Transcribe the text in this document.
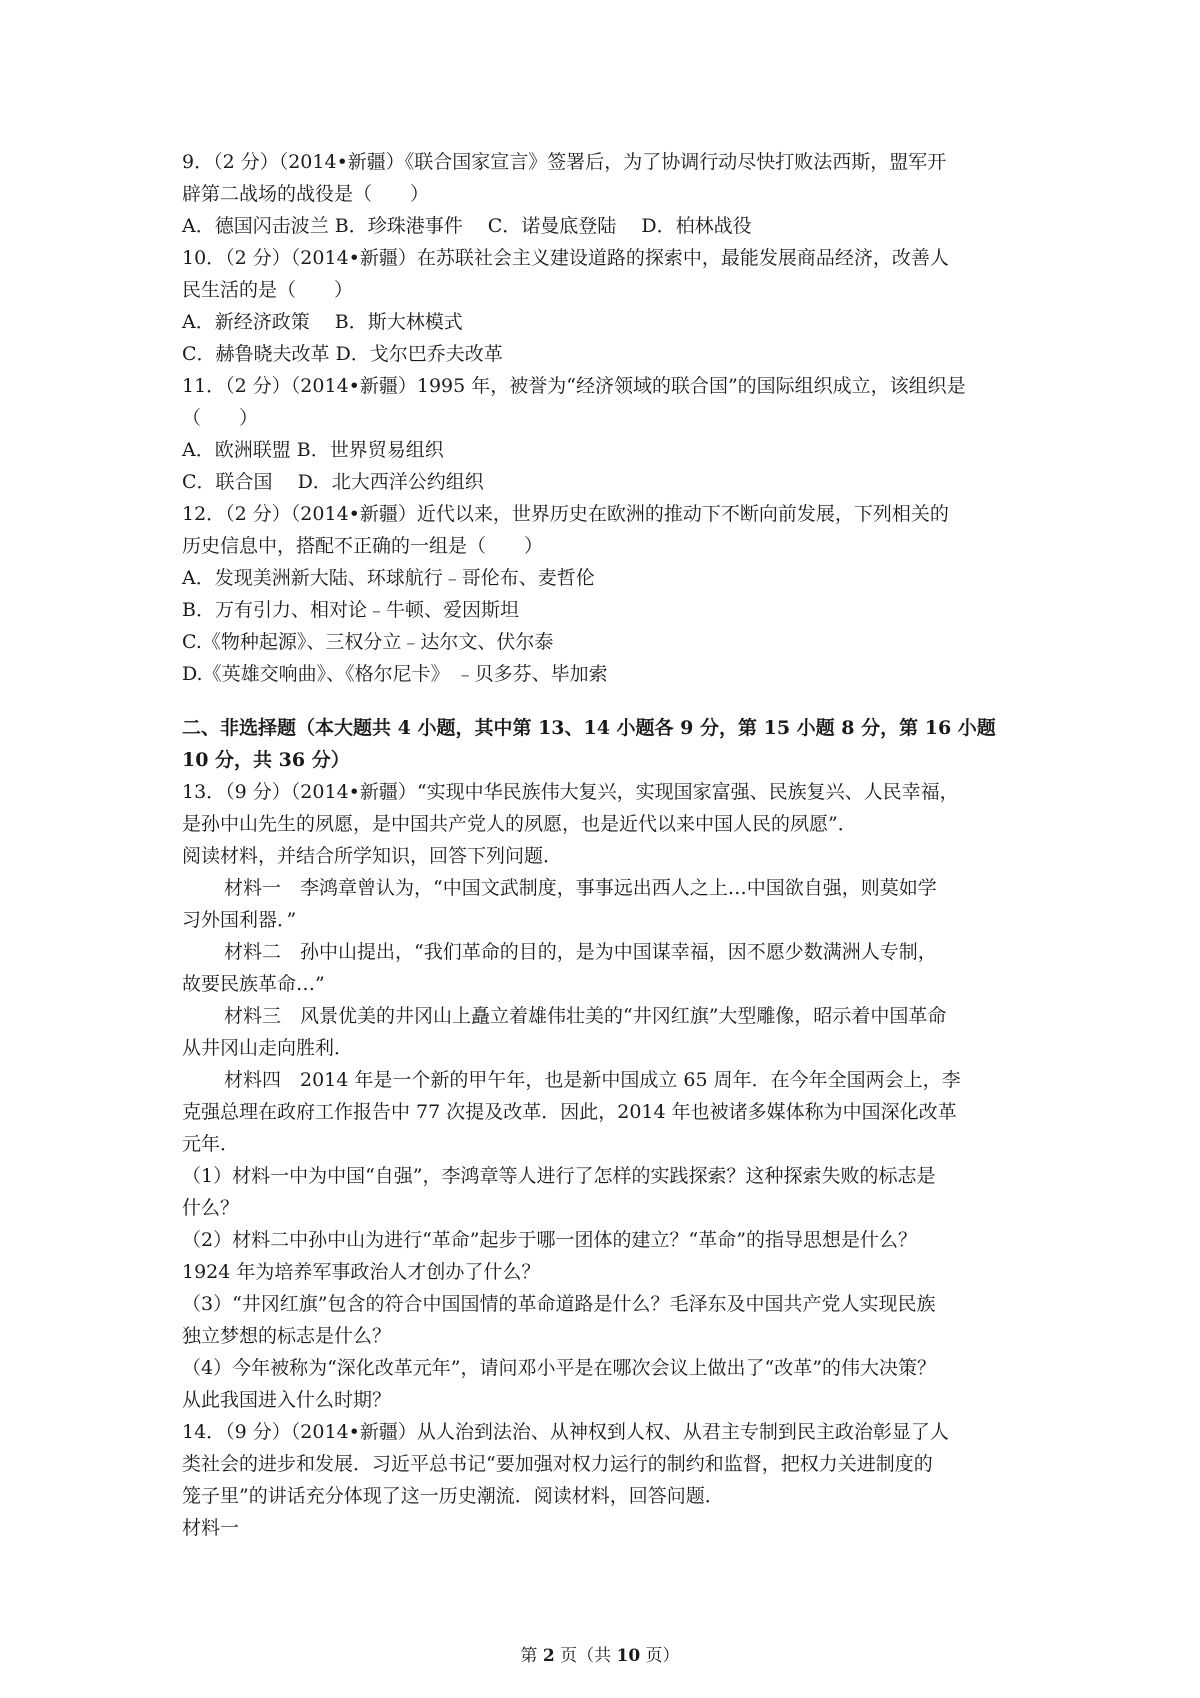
9．（2 分）（2014•新疆）《联合国家宣言》签署后，为了协调行动尽快打败法西斯，盟军开
辟第二战场的战役是（　　）
A．德国闪击波兰 B．珍珠港事件　 C．诺曼底登陆　 D．柏林战役
10．（2 分）（2014•新疆）在苏联社会主义建设道路的探索中，最能发展商品经济，改善人
民生活的是（　　）
A．新经济政策　 B．斯大林模式
C．赫鲁晓夫改革 D．戈尔巴乔夫改革
11．（2 分）（2014•新疆）1995 年，被誉为“经济领域的联合国”的国际组织成立，该组织是
（　　）
A．欧洲联盟 B．世界贸易组织
C．联合国　 D．北大西洋公约组织
12．（2 分）（2014•新疆）近代以来，世界历史在欧洲的推动下不断向前发展，下列相关的
历史信息中，搭配不正确的一组是（　　）
A．发现美洲新大陆、环球航行﹣哥伦布、麦哲伦
B．万有引力、相对论﹣牛顿、爱因斯坦
C.《物种起源》、三权分立﹣达尔文、伏尔泰
D.《英雄交响曲》、《格尔尼卡》 ﹣贝多芬、毕加索
二、非选择题（本大题共 4 小题，其中第 13、14 小题各 9 分，第 15 小题 8 分，第 16 小题
10 分，共 36 分）
13．（9 分）（2014•新疆）“实现中华民族伟大复兴，实现国家富强、民族复兴、人民幸福，
是孙中山先生的夙愿，是中国共产党人的夙愿，也是近代以来中国人民的夙愿”．
阅读材料，并结合所学知识，回答下列问题．
材料一　李鸿章曾认为，“中国文武制度，事事远出西人之上…中国欲自强，则莫如学
习外国利器．”
材料二　孙中山提出，“我们革命的目的，是为中国谋幸福，因不愿少数满洲人专制，
故要民族革命…”
材料三　风景优美的井冈山上矗立着雄伟壮美的“井冈红旗”大型雕像，昭示着中国革命
从井冈山走向胜利．
材料四　2014 年是一个新的甲午年，也是新中国成立 65 周年．在今年全国两会上，李
克强总理在政府工作报告中 77 次提及改革．因此，2014 年也被诸多媒体称为中国深化改革
元年．
（1）材料一中为中国“自强”，李鸿章等人进行了怎样的实践探索？这种探索失败的标志是
什么？
（2）材料二中孙中山为进行“革命”起步于哪一团体的建立？“革命”的指导思想是什么？
1924 年为培养军事政治人才创办了什么？
（3）“井冈红旗”包含的符合中国国情的革命道路是什么？毛泽东及中国共产党人实现民族
独立梦想的标志是什么？
（4）今年被称为“深化改革元年”，请问邓小平是在哪次会议上做出了“改革”的伟大决策？
从此我国进入什么时期？
14．（9 分）（2014•新疆）从人治到法治、从神权到人权、从君主专制到民主政治彰显了人
类社会的进步和发展．习近平总书记“要加强对权力运行的制约和监督，把权力关进制度的
笼子里”的讲话充分体现了这一历史潮流．阅读材料，回答问题．
材料一
第 2 页（共 10 页）
